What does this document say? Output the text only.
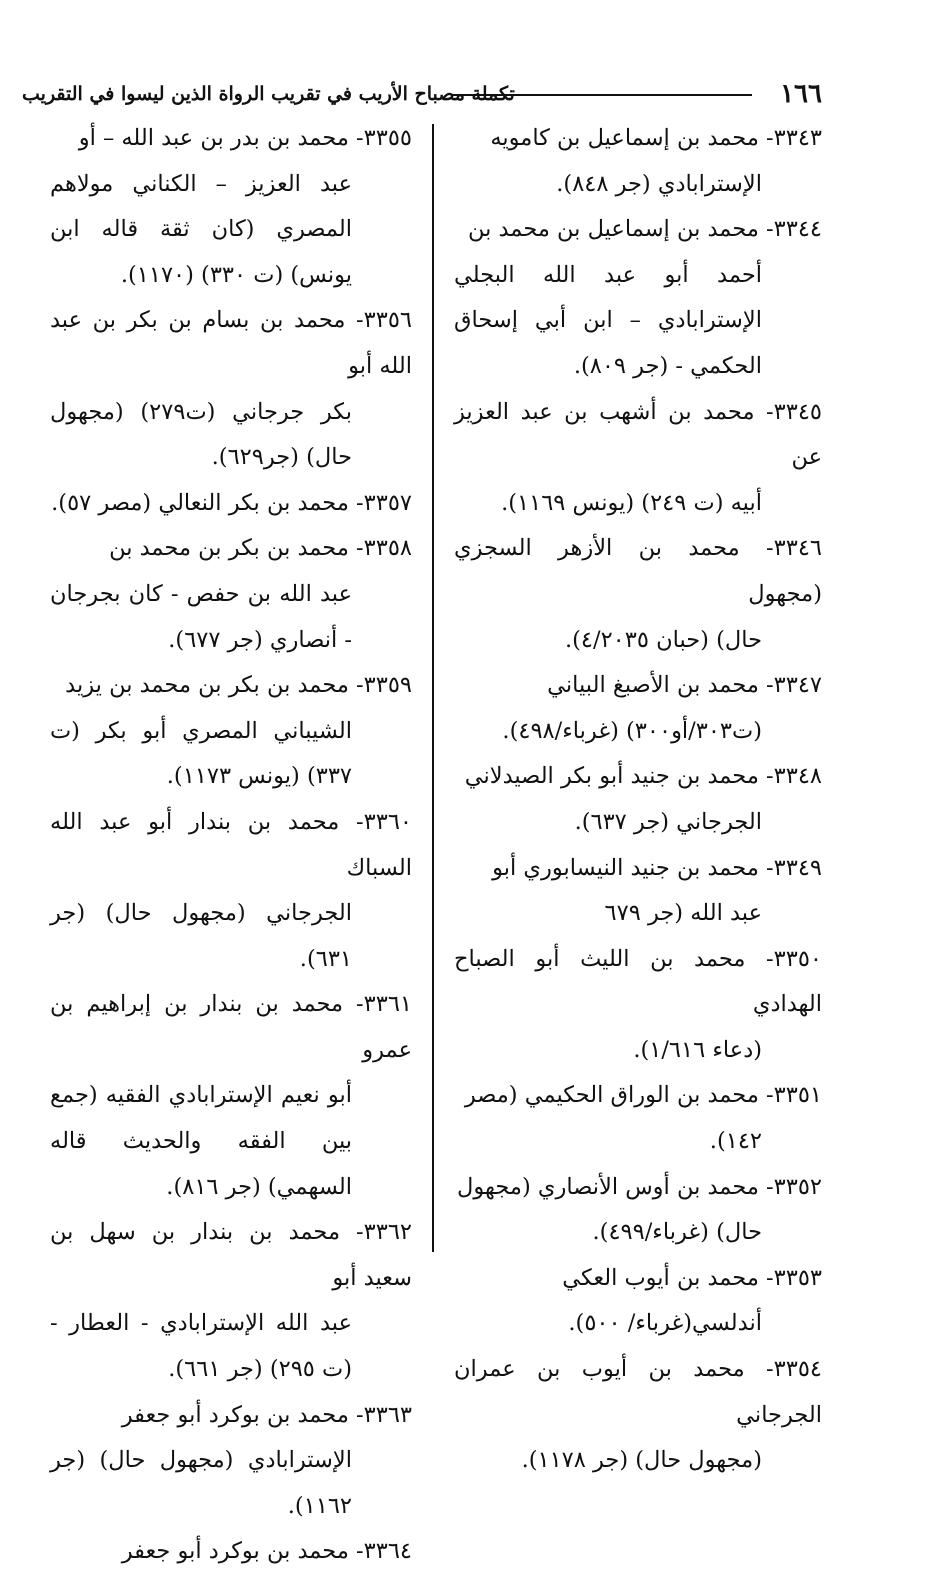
١٦٦
تكملة مصباح الأريب في تقريب الرواة الذين ليسوا في التقريب

٣٣٤٣- محمد بن إسماعيل بن كامويه
الإسترابادي (جر ٨٤٨).

٣٣٤٤- محمد بن إسماعيل بن محمد بن
أحمد أبو عبد الله البجلي الإسترابادي – ابن أبي إسحاق الحكمي - (جر ٨٠٩).

٣٣٤٥- محمد بن أشهب بن عبد العزيز عن
أبيه (ت ٢٤٩) (يونس ١١٦٩).

٣٣٤٦- محمد بن الأزهر السجزي (مجهول
حال) (حبان ٤/٢٠٣٥).

٣٣٤٧- محمد بن الأصبغ البياني
(ت٣٠٣/أو٣٠٠) (غرباء/٤٩٨).

٣٣٤٨- محمد بن جنيد أبو بكر الصيدلاني
الجرجاني (جر ٦٣٧).

٣٣٤٩- محمد بن جنيد النيسابوري أبو
عبد الله (جر ٦٧٩

٣٣٥٠- محمد بن الليث أبو الصباح الهدادي
(دعاء ١/٦١٦).

٣٣٥١- محمد بن الوراق الحكيمي (مصر
١٤٢).

٣٣٥٢- محمد بن أوس الأنصاري (مجهول
حال) (غرباء/٤٩٩).

٣٣٥٣- محمد بن أيوب العكي
أندلسي(غرباء/ ٥٠٠).

٣٣٥٤- محمد بن أيوب بن عمران الجرجاني
(مجهول حال) (جر ١١٧٨).

٣٣٥٥- محمد بن بدر بن عبد الله – أو
عبد العزيز – الكناني مولاهم المصري (كان ثقة قاله ابن يونس) (ت ٣٣٠) (١١٧٠).

٣٣٥٦- محمد بن بسام بن بكر بن عبد الله أبو
بكر جرجاني (ت٢٧٩) (مجهول حال) (جر٦٢٩).

٣٣٥٧- محمد بن بكر النعالي (مصر ٥٧).

٣٣٥٨- محمد بن بكر بن محمد بن
عبد الله بن حفص - كان بجرجان - أنصاري (جر ٦٧٧).

٣٣٥٩- محمد بن بكر بن محمد بن يزيد
الشيباني المصري أبو بكر (ت ٣٣٧) (يونس ١١٧٣).

٣٣٦٠- محمد بن بندار أبو عبد الله السباك
الجرجاني (مجهول حال) (جر ٦٣١).

٣٣٦١- محمد بن بندار بن إبراهيم بن عمرو
أبو نعيم الإسترابادي الفقيه (جمع بين الفقه والحديث قاله السهمي) (جر ٨١٦).

٣٣٦٢- محمد بن بندار بن سهل بن سعيد أبو
عبد الله الإسترابادي - العطار - (ت ٢٩٥) (جر ٦٦١).

٣٣٦٣- محمد بن بوكرد أبو جعفر
الإسترابادي (مجهول حال) (جر ١١٦٢).

٣٣٦٤- محمد بن بوكرد أبو جعفر
